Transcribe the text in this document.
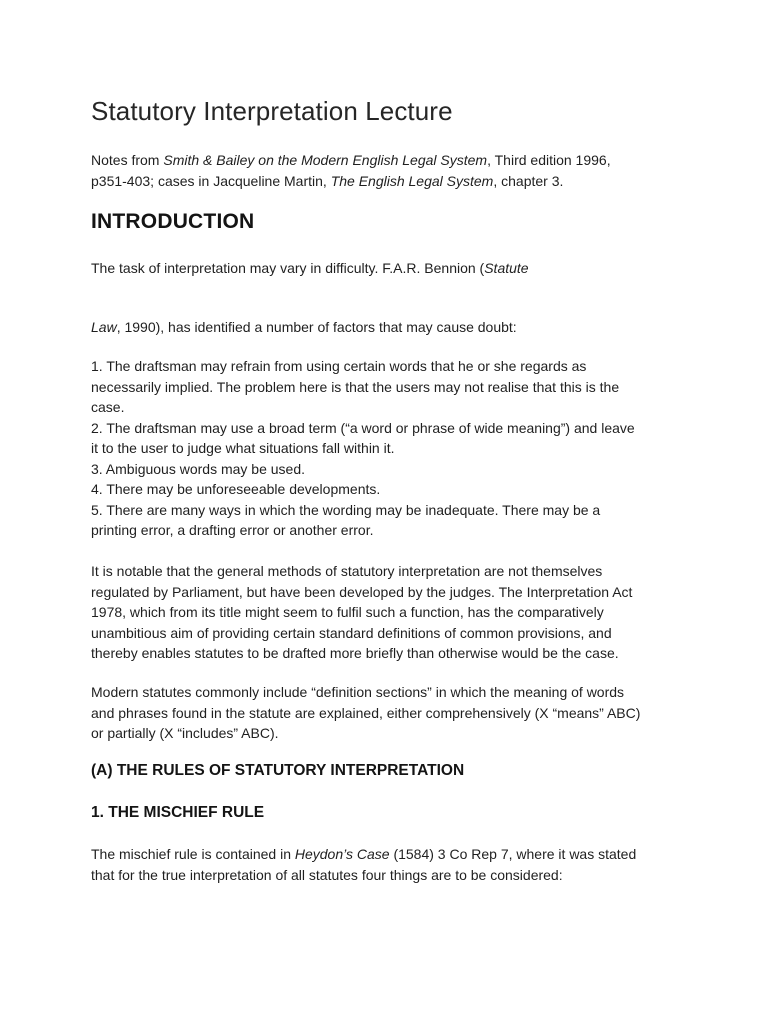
Statutory Interpretation Lecture

Notes from Smith & Bailey on the Modern English Legal System, Third edition 1996,
p351-403; cases in Jacqueline Martin, The English Legal System, chapter 3.

INTRODUCTION

The task of interpretation may vary in difficulty. F.A.R. Bennion (Statute

Law, 1990), has identified a number of factors that may cause doubt:

1. The draftsman may refrain from using certain words that he or she regards as
necessarily implied. The problem here is that the users may not realise that this is the
case.
2. The draftsman may use a broad term (“a word or phrase of wide meaning”) and leave
it to the user to judge what situations fall within it.
3. Ambiguous words may be used.
4. There may be unforeseeable developments.
5. There are many ways in which the wording may be inadequate. There may be a
printing error, a drafting error or another error.

It is notable that the general methods of statutory interpretation are not themselves
regulated by Parliament, but have been developed by the judges. The Interpretation Act
1978, which from its title might seem to fulfil such a function, has the comparatively
unambitious aim of providing certain standard definitions of common provisions, and
thereby enables statutes to be drafted more briefly than otherwise would be the case.

Modern statutes commonly include “definition sections” in which the meaning of words
and phrases found in the statute are explained, either comprehensively (X “means” ABC)
or partially (X “includes” ABC).

(A) THE RULES OF STATUTORY INTERPRETATION
1. THE MISCHIEF RULE

The mischief rule is contained in Heydon’s Case (1584) 3 Co Rep 7, where it was stated
that for the true interpretation of all statutes four things are to be considered:
